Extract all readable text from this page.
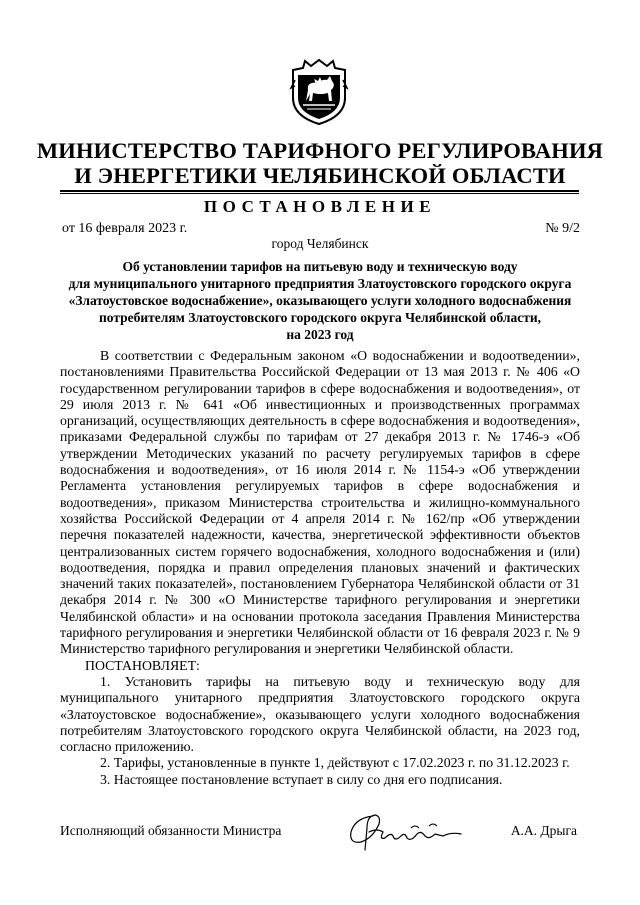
МИНИСТЕРСТВО ТАРИФНОГО РЕГУЛИРОВАНИЯ
И ЭНЕРГЕТИКИ ЧЕЛЯБИНСКОЙ ОБЛАСТИ
ПОСТАНОВЛЕНИЕ
от 16 февраля 2023 г.	№ 9/2
город Челябинск
Об установлении тарифов на питьевую воду и техническую воду
для муниципального унитарного предприятия Златоустовского городского округа
«Златоустовское водоснабжение», оказывающего услуги холодного водоснабжения
потребителям Златоустовского городского округа Челябинской области,
на 2023 год

В соответствии с Федеральным законом «О водоснабжении и водоотведении», постановлениями Правительства Российской Федерации от 13 мая 2013 г. № 406 «О государственном регулировании тарифов в сфере водоснабжения и водоотведения», от 29 июля 2013 г. № 641 «Об инвестиционных и производственных программах организаций, осуществляющих деятельность в сфере водоснабжения и водоотведения», приказами Федеральной службы по тарифам от 27 декабря 2013 г. № 1746-э «Об утверждении Методических указаний по расчету регулируемых тарифов в сфере водоснабжения и водоотведения», от 16 июля 2014 г. № 1154-э «Об утверждении Регламента установления регулируемых тарифов в сфере водоснабжения и водоотведения», приказом Министерства строительства и жилищно-коммунального хозяйства Российской Федерации от 4 апреля 2014 г. № 162/пр «Об утверждении перечня показателей надежности, качества, энергетической эффективности объектов централизованных систем горячего водоснабжения, холодного водоснабжения и (или) водоотведения, порядка и правил определения плановых значений и фактических значений таких показателей», постановлением Губернатора Челябинской области от 31 декабря 2014 г. № 300 «О Министерстве тарифного регулирования и энергетики Челябинской области» и на основании протокола заседания Правления Министерства тарифного регулирования и энергетики Челябинской области от 16 февраля 2023 г. № 9 Министерство тарифного регулирования и энергетики Челябинской области.

ПОСТАНОВЛЯЕТ:

1. Установить тарифы на питьевую воду и техническую воду для муниципального унитарного предприятия Златоустовского городского округа «Златоустовское водоснабжение», оказывающего услуги холодного водоснабжения потребителям Златоустовского городского округа Челябинской области, на 2023 год, согласно приложению.

2. Тарифы, установленные в пункте 1, действуют с 17.02.2023 г. по 31.12.2023 г.

3. Настоящее постановление вступает в силу со дня его подписания.

Исполняющий обязанности Министра	А.А. Дрыга
